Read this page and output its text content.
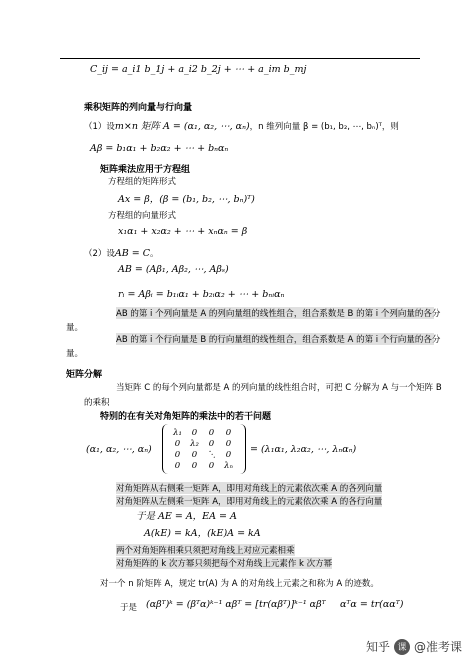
C_ij = a_i1 b_1j + a_i2 b_2j + ⋯ + a_im b_mj
乘积矩阵的列向量与行向量
（1）设m×n 矩阵 A = (α₁, α₂, ⋯, αₙ)，n 维列向量 β = (b₁, b₂, ⋯, bₙ)ᵀ，则
Aβ = b₁α₁ + b₂α₂ + ⋯ + bₙαₙ
矩阵乘法应用于方程组
方程组的矩阵形式
Ax = β，(β = (b₁, b₂, ⋯, bₙ)ᵀ)
方程组的向量形式
x₁α₁ + x₂α₂ + ⋯ + xₙαₙ = β
（2）设AB = C。
AB = (Aβ₁, Aβ₂, ⋯, Aβₛ)
rᵢ = Aβᵢ = b₁ᵢα₁ + b₂ᵢα₂ + ⋯ + bₙᵢαₙ
AB 的第 i 个列向量是 A 的列向量组的线性组合，组合系数是 B 的第 i 个列向量的各分
量。
AB 的第 i 个行向量是 B 的行向量组的线性组合，组合系数是 A 的第 i 个行向量的各分
量。
矩阵分解
当矩阵 C 的每个列向量都是 A 的列向量的线性组合时，可把 C 分解为 A 与一个矩阵 B
的乘积
特别的在有关对角矩阵的乘法中的若干问题
(α₁, α₂, ⋯, αₙ)
λ₁	0	0	0
0	λ₂	0	0
0	0	⋱	0
0	0	0	λₙ
= (λ₁α₁, λ₂α₂, ⋯, λₙαₙ)
对角矩阵从右侧乘一矩阵 A，即用对角线上的元素依次乘 A 的各列向量
对角矩阵从左侧乘一矩阵 A，即用对角线上的元素依次乘 A 的各行向量
于是 AE = A，EA = A
A(kE) = kA，(kE)A = kA
两个对角矩阵相乘只须把对角线上对应元素相乘
对角矩阵的 k 次方幂只须把每个对角线上元素作 k 次方幂
对一个 n 阶矩阵 A，规定 tr(A) 为 A 的对角线上元素之和称为 A 的迹数。
于是 (αβᵀ)ᵏ = (βᵀα)ᵏ⁻¹ αβᵀ = [tr(αβᵀ)]ᵏ⁻¹ αβᵀ αᵀα = tr(ααᵀ)
知乎 课 @准考课
